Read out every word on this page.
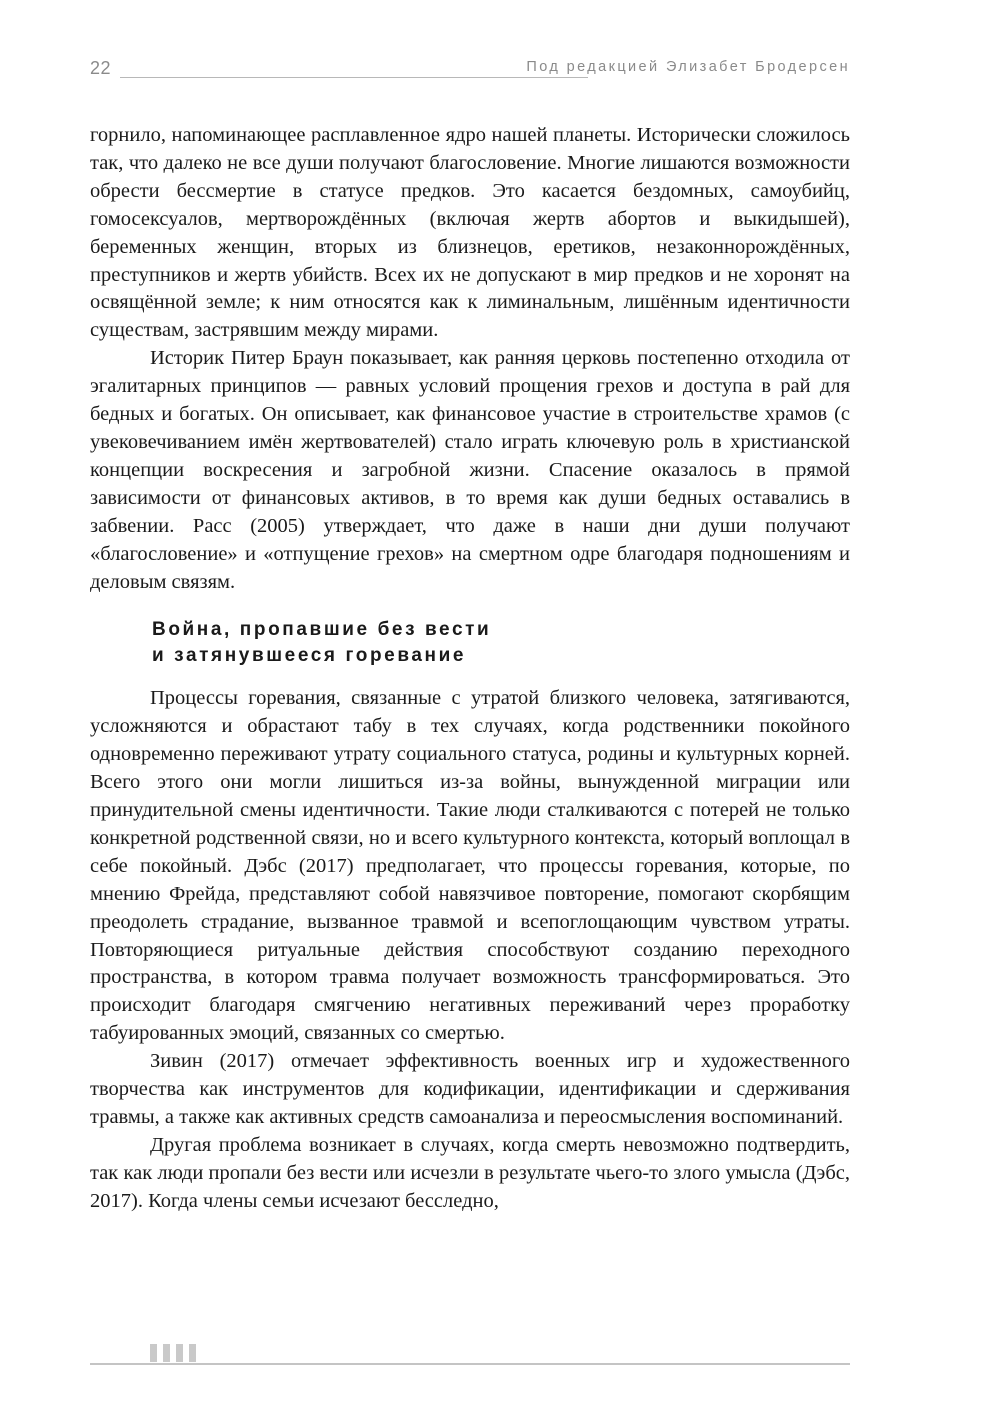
22	Под редакцией Элизабет Бродерсен

горнило, напоминающее расплавленное ядро нашей планеты. Исторически сложилось так, что далеко не все души получают благословение. Многие лишаются возможности обрести бессмертие в статусе предков. Это касается бездомных, самоубийц, гомосексуалов, мертворождённых (включая жертв абортов и выкидышей), беременных женщин, вторых из близнецов, еретиков, незаконнорождённых, преступников и жертв убийств. Всех их не допускают в мир предков и не хоронят на освящённой земле; к ним относятся как к лиминальным, лишённым идентичности существам, застрявшим между мирами.

Историк Питер Браун показывает, как ранняя церковь постепенно отходила от эгалитарных принципов — равных условий прощения грехов и доступа в рай для бедных и богатых. Он описывает, как финансовое участие в строительстве храмов (с увековечиванием имён жертвователей) стало играть ключевую роль в христианской концепции воскресения и загробной жизни. Спасение оказалось в прямой зависимости от финансовых активов, в то время как души бедных оставались в забвении. Расс (2005) утверждает, что даже в наши дни души получают «благословение» и «отпущение грехов» на смертном одре благодаря подношениям и деловым связям.

Война, пропавшие без вести
и затянувшееся горевание

Процессы горевания, связанные с утратой близкого человека, затягиваются, усложняются и обрастают табу в тех случаях, когда родственники покойного одновременно переживают утрату социального статуса, родины и культурных корней. Всего этого они могли лишиться из-за войны, вынужденной миграции или принудительной смены идентичности. Такие люди сталкиваются с потерей не только конкретной родственной связи, но и всего культурного контекста, который воплощал в себе покойный. Дэбс (2017) предполагает, что процессы горевания, которые, по мнению Фрейда, представляют собой навязчивое повторение, помогают скорбящим преодолеть страдание, вызванное травмой и всепоглощающим чувством утраты. Повторяющиеся ритуальные действия способствуют созданию переходного пространства, в котором травма получает возможность трансформироваться. Это происходит благодаря смягчению негативных переживаний через проработку табуированных эмоций, связанных со смертью.

Зивин (2017) отмечает эффективность военных игр и художественного творчества как инструментов для кодификации, идентификации и сдерживания травмы, а также как активных средств самоанализа и переосмысления воспоминаний.

Другая проблема возникает в случаях, когда смерть невозможно подтвердить, так как люди пропали без вести или исчезли в результате чьего-то злого умысла (Дэбс, 2017). Когда члены семьи исчезают бесследно,
